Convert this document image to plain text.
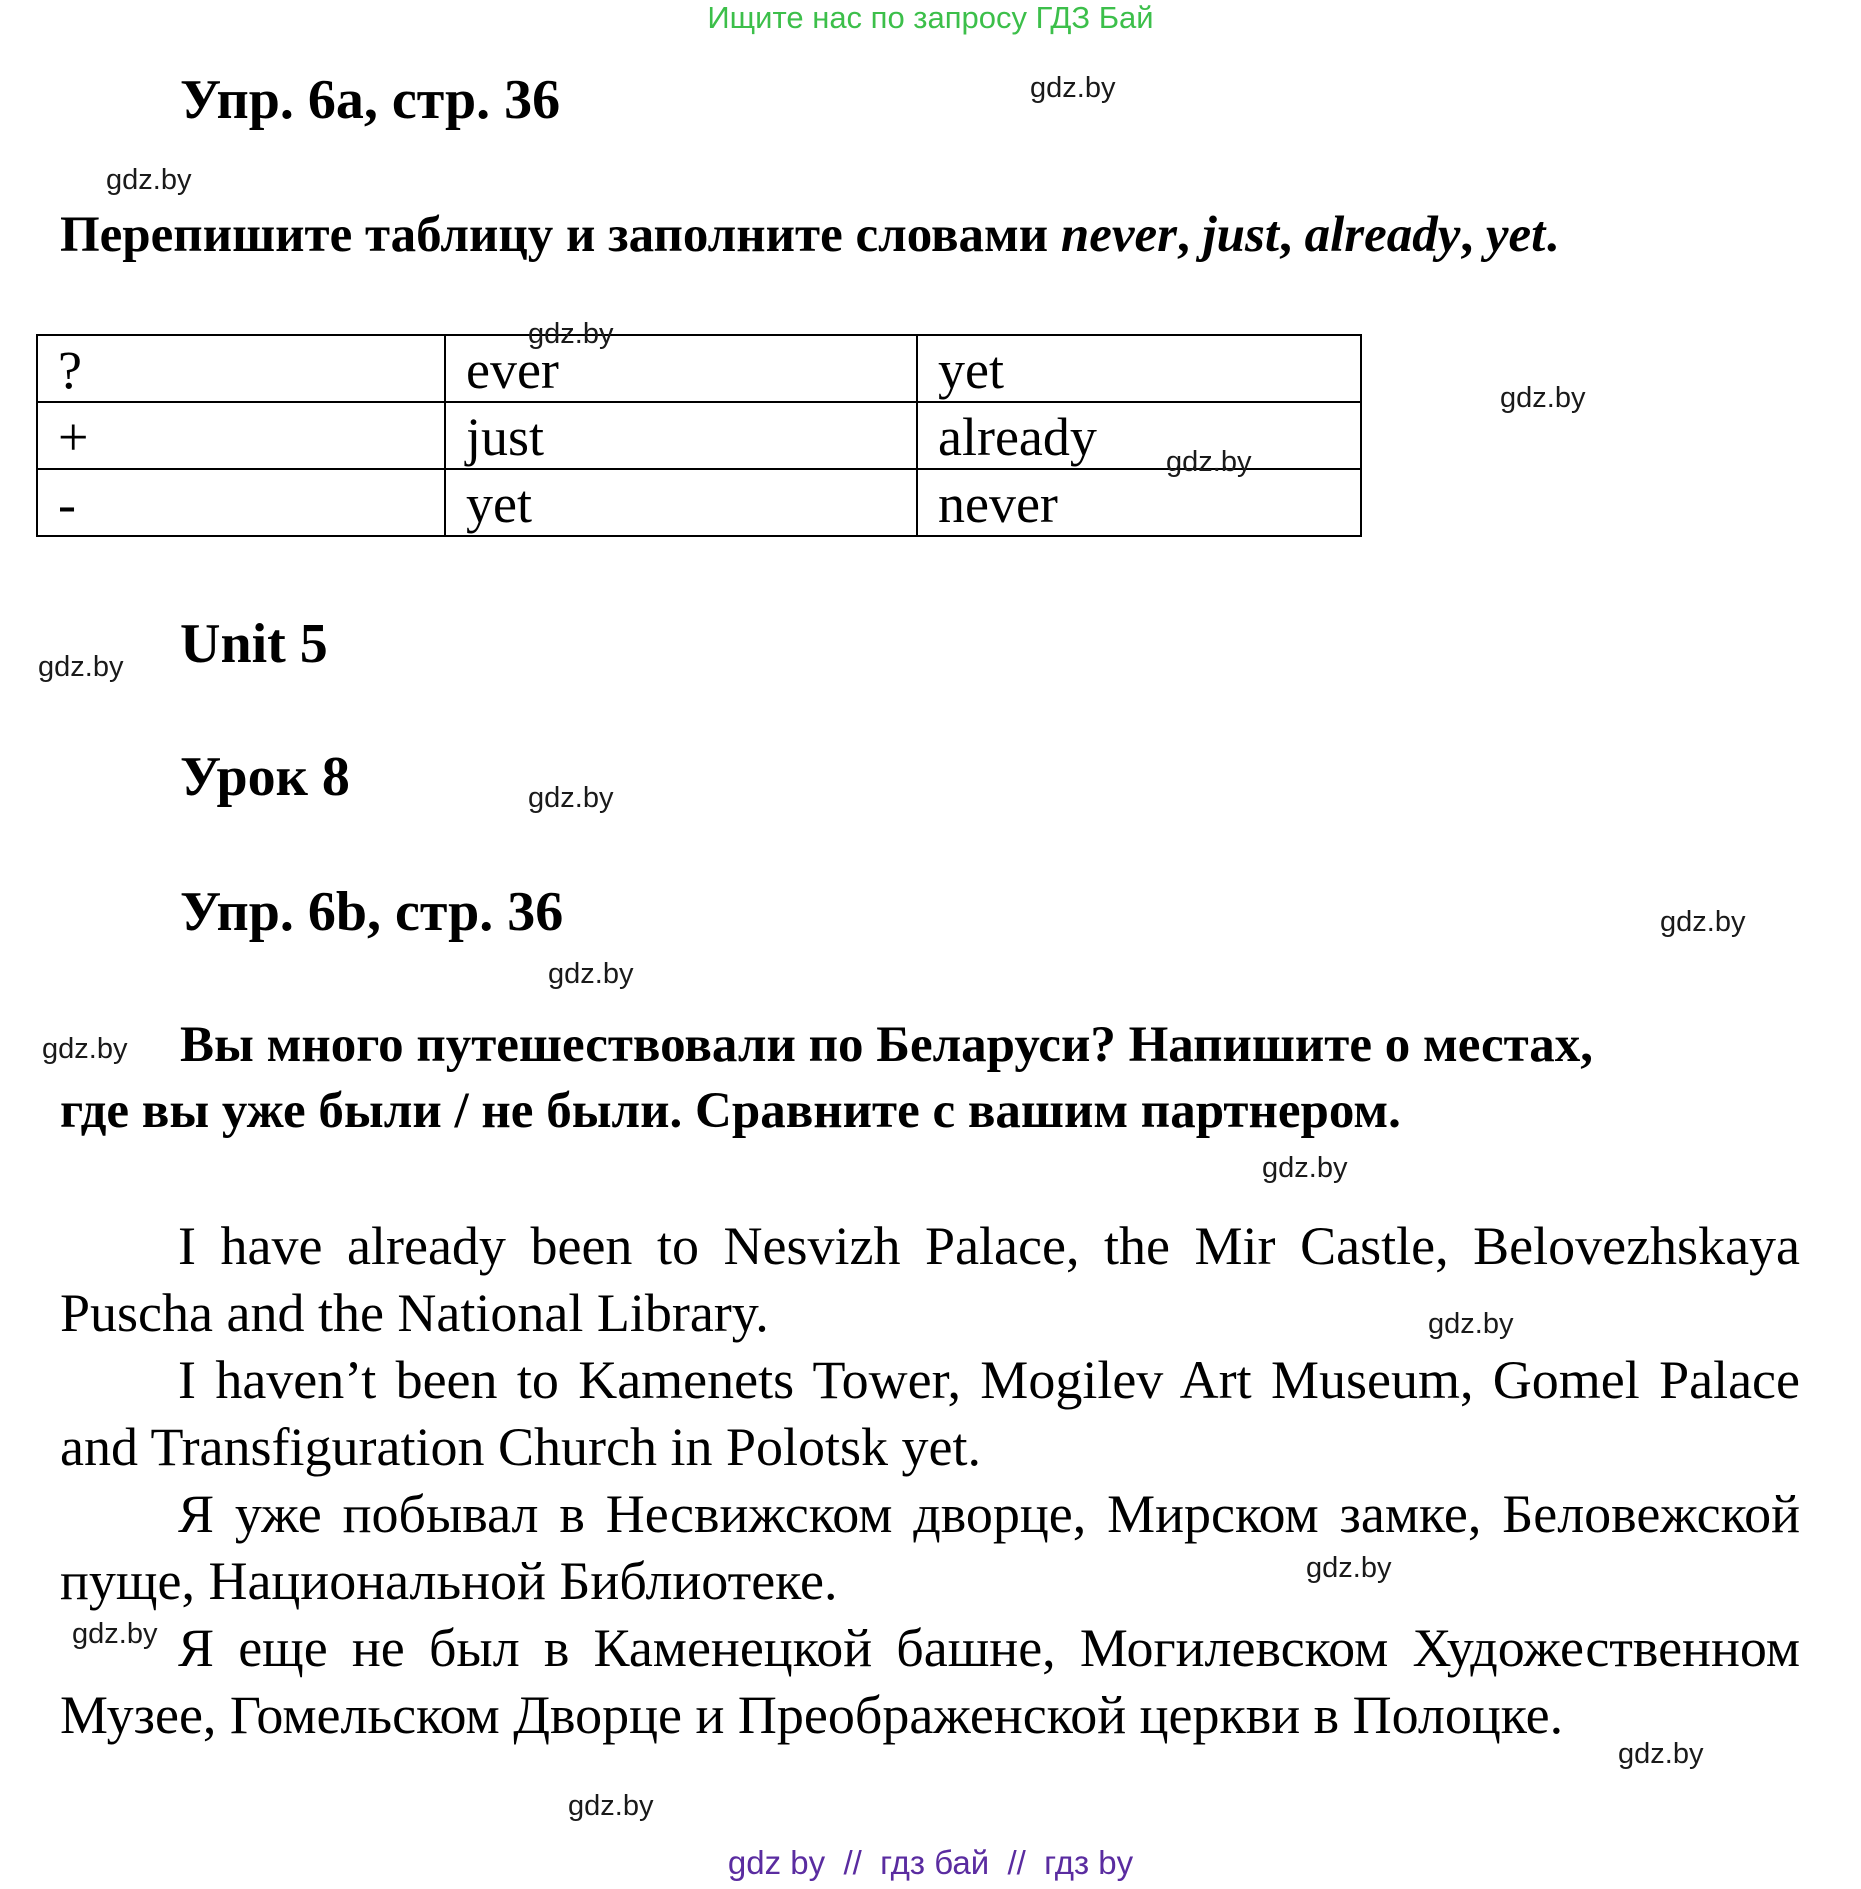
Ищите нас по запросу ГДЗ Бай
Упр. 6a, стр. 36
Перепишите таблицу и заполните словами never, just, already, yet.
?	ever	yet
+	just	already
-	yet	never
Unit 5
Урок 8
Упр. 6b, стр. 36
Вы много путешествовали по Беларуси? Напишите о местах,
где вы уже были / не были. Сравните с вашим партнером.
I have already been to Nesvizh Palace, the Mir Castle, Belovezhskaya Puscha and the National Library.
I haven’t been to Kamenets Tower, Mogilev Art Museum, Gomel Palace and Transfiguration Church in Polotsk yet.
Я уже побывал в Несвижском дворце, Мирском замке, Беловежской пуще, Национальной Библиотеке.
Я еще не был в Каменецкой башне, Могилевском Художественном Музее, Гомельском Дворце и Преображенской церкви в Полоцке.
gdz.by
gdz.by
gdz.by
gdz.by
gdz.by
gdz.by
gdz.by
gdz.by
gdz.by
gdz.by
gdz.by
gdz.by
gdz.by
gdz.by
gdz.by
gdz.by
gdz by  //  гдз бай  //  гдз by
